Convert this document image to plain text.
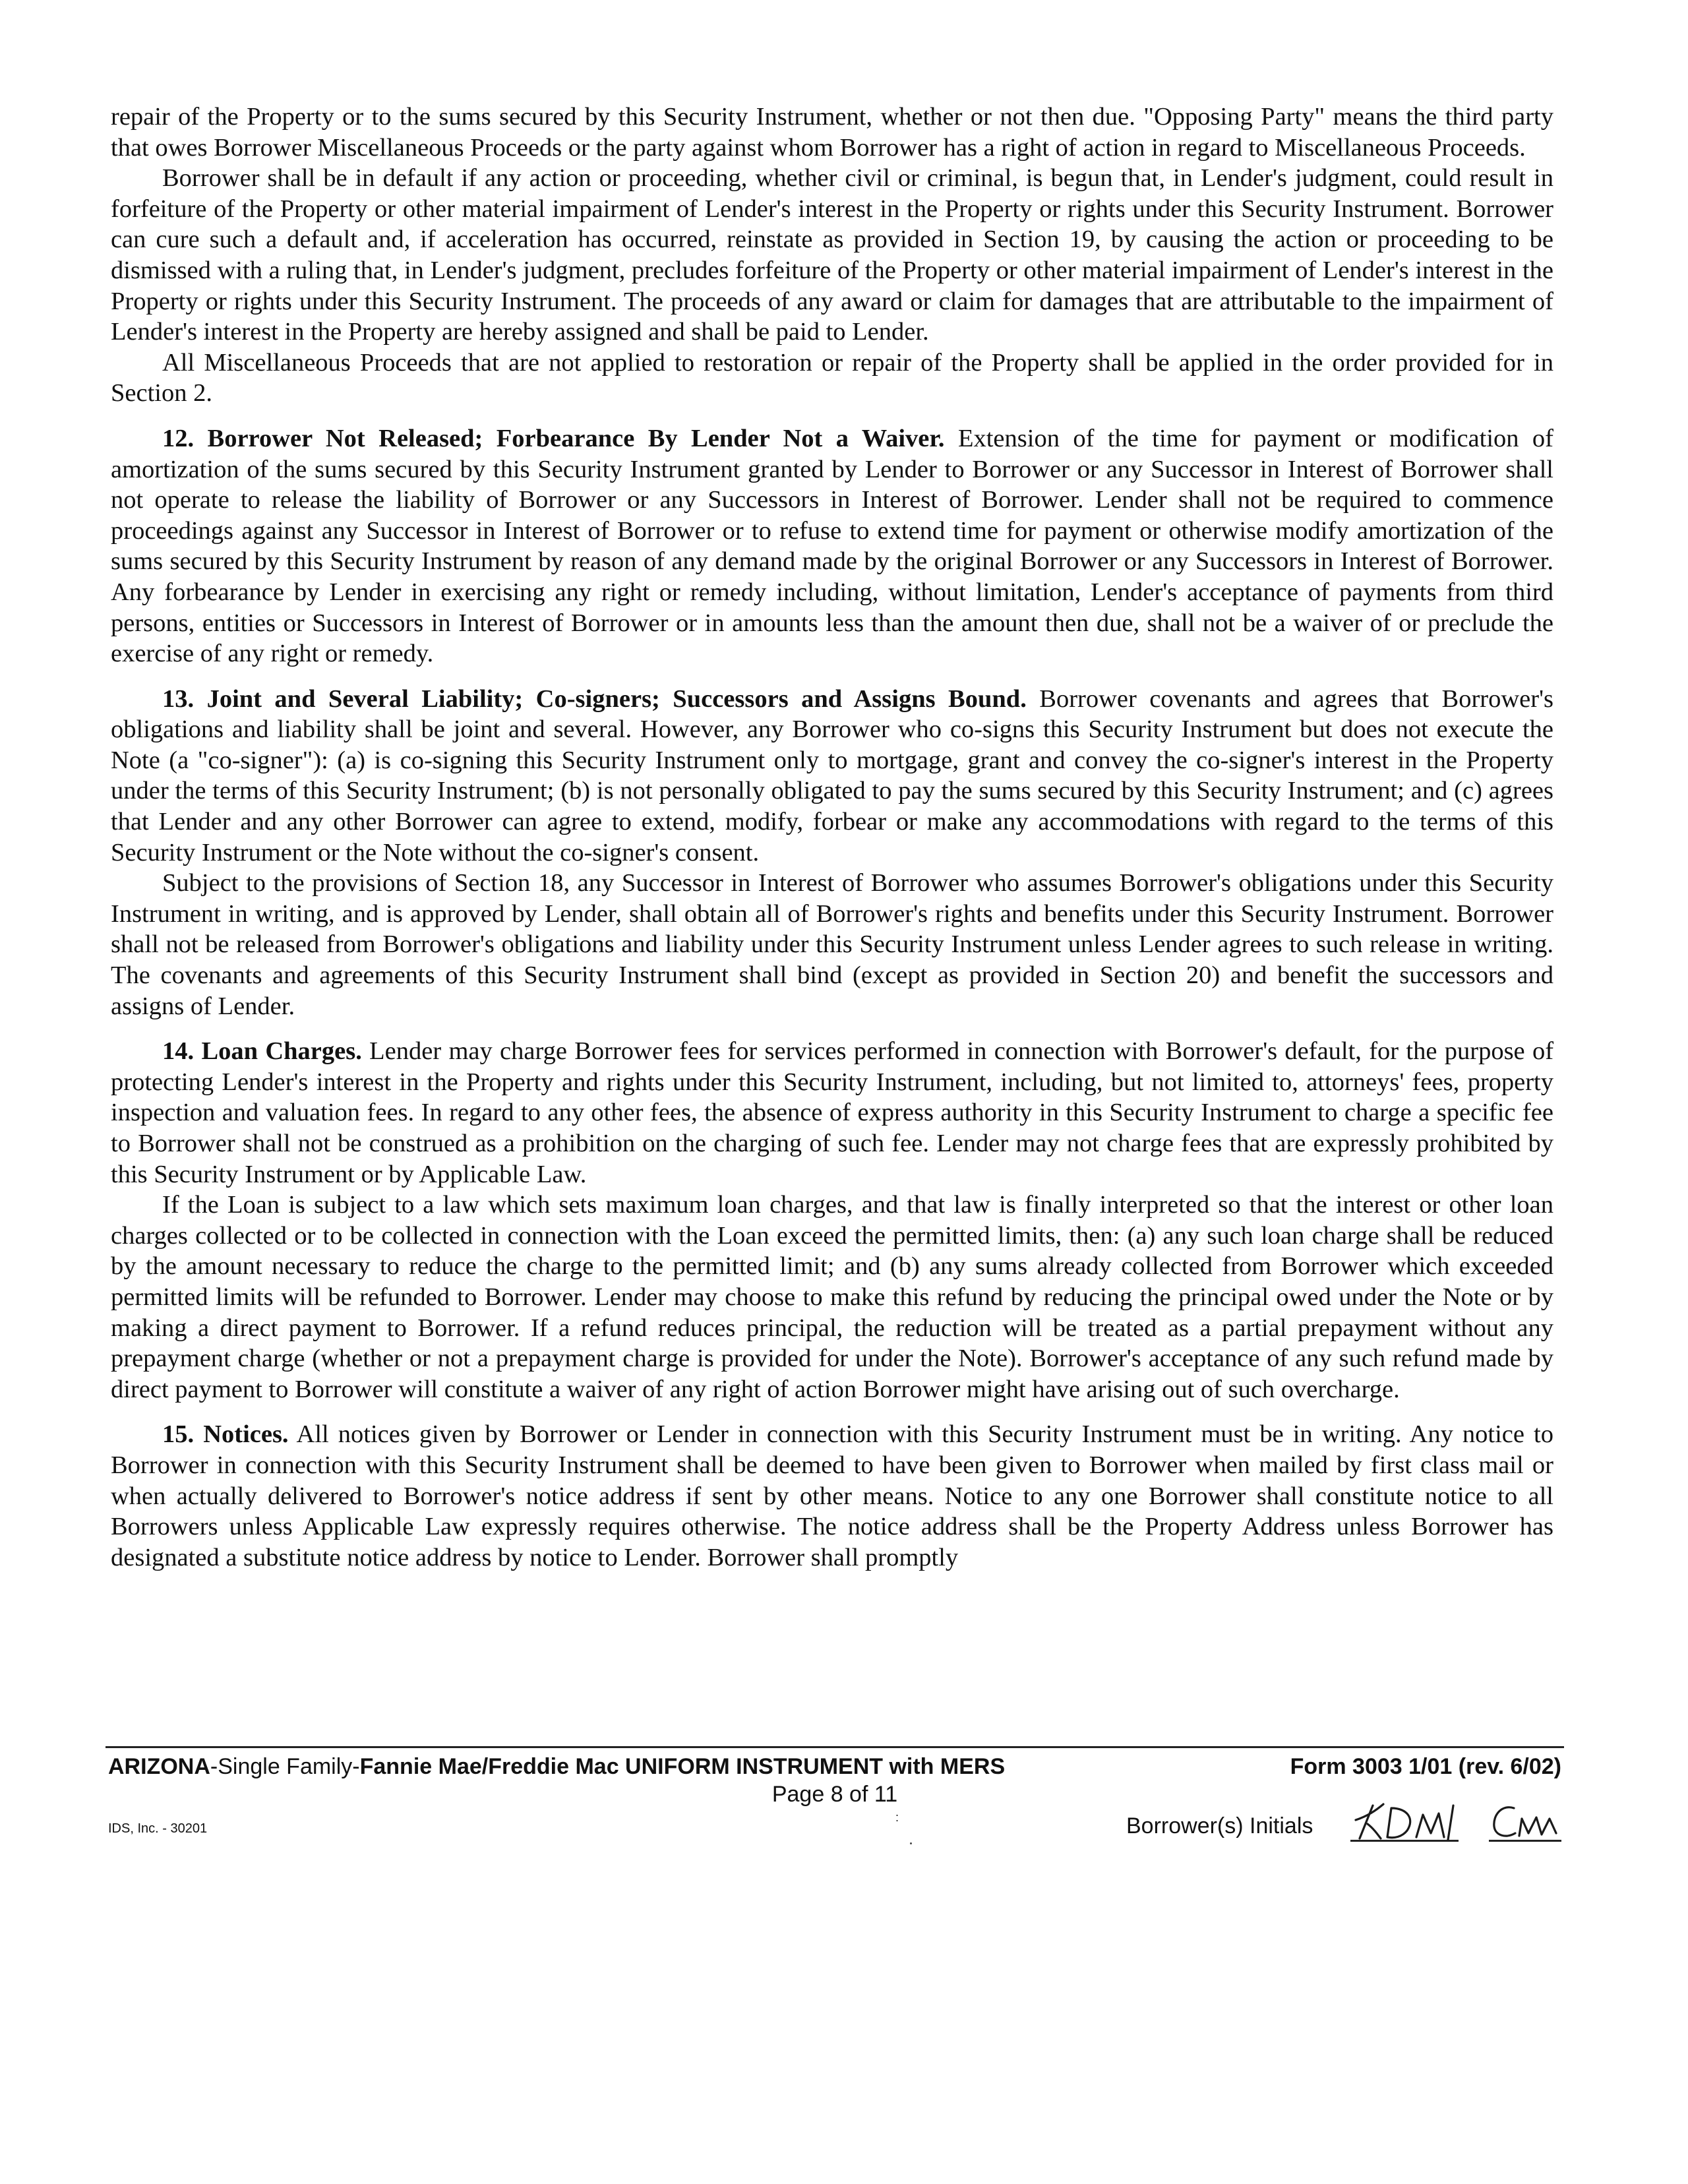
repair of the Property or to the sums secured by this Security Instrument, whether or not then due. "Opposing Party" means the third party that owes Borrower Miscellaneous Proceeds or the party against whom Borrower has a right of action in regard to Miscellaneous Proceeds.

Borrower shall be in default if any action or proceeding, whether civil or criminal, is begun that, in Lender's judgment, could result in forfeiture of the Property or other material impairment of Lender's interest in the Property or rights under this Security Instrument. Borrower can cure such a default and, if acceleration has occurred, reinstate as provided in Section 19, by causing the action or proceeding to be dismissed with a ruling that, in Lender's judgment, precludes forfeiture of the Property or other material impairment of Lender's interest in the Property or rights under this Security Instrument. The proceeds of any award or claim for damages that are attributable to the impairment of Lender's interest in the Property are hereby assigned and shall be paid to Lender.

All Miscellaneous Proceeds that are not applied to restoration or repair of the Property shall be applied in the order provided for in Section 2.

12. Borrower Not Released; Forbearance By Lender Not a Waiver. Extension of the time for payment or modification of amortization of the sums secured by this Security Instrument granted by Lender to Borrower or any Successor in Interest of Borrower shall not operate to release the liability of Borrower or any Successors in Interest of Borrower. Lender shall not be required to commence proceedings against any Successor in Interest of Borrower or to refuse to extend time for payment or otherwise modify amortization of the sums secured by this Security Instrument by reason of any demand made by the original Borrower or any Successors in Interest of Borrower. Any forbearance by Lender in exercising any right or remedy including, without limitation, Lender's acceptance of payments from third persons, entities or Successors in Interest of Borrower or in amounts less than the amount then due, shall not be a waiver of or preclude the exercise of any right or remedy.

13. Joint and Several Liability; Co-signers; Successors and Assigns Bound. Borrower covenants and agrees that Borrower's obligations and liability shall be joint and several. However, any Borrower who co-signs this Security Instrument but does not execute the Note (a "co-signer"): (a) is co-signing this Security Instrument only to mortgage, grant and convey the co-signer's interest in the Property under the terms of this Security Instrument; (b) is not personally obligated to pay the sums secured by this Security Instrument; and (c) agrees that Lender and any other Borrower can agree to extend, modify, forbear or make any accommodations with regard to the terms of this Security Instrument or the Note without the co-signer's consent.

Subject to the provisions of Section 18, any Successor in Interest of Borrower who assumes Borrower's obligations under this Security Instrument in writing, and is approved by Lender, shall obtain all of Borrower's rights and benefits under this Security Instrument. Borrower shall not be released from Borrower's obligations and liability under this Security Instrument unless Lender agrees to such release in writing. The covenants and agreements of this Security Instrument shall bind (except as provided in Section 20) and benefit the successors and assigns of Lender.

14. Loan Charges. Lender may charge Borrower fees for services performed in connection with Borrower's default, for the purpose of protecting Lender's interest in the Property and rights under this Security Instrument, including, but not limited to, attorneys' fees, property inspection and valuation fees. In regard to any other fees, the absence of express authority in this Security Instrument to charge a specific fee to Borrower shall not be construed as a prohibition on the charging of such fee. Lender may not charge fees that are expressly prohibited by this Security Instrument or by Applicable Law.

If the Loan is subject to a law which sets maximum loan charges, and that law is finally interpreted so that the interest or other loan charges collected or to be collected in connection with the Loan exceed the permitted limits, then: (a) any such loan charge shall be reduced by the amount necessary to reduce the charge to the permitted limit; and (b) any sums already collected from Borrower which exceeded permitted limits will be refunded to Borrower. Lender may choose to make this refund by reducing the principal owed under the Note or by making a direct payment to Borrower. If a refund reduces principal, the reduction will be treated as a partial prepayment without any prepayment charge (whether or not a prepayment charge is provided for under the Note). Borrower's acceptance of any such refund made by direct payment to Borrower will constitute a waiver of any right of action Borrower might have arising out of such overcharge.

15. Notices. All notices given by Borrower or Lender in connection with this Security Instrument must be in writing. Any notice to Borrower in connection with this Security Instrument shall be deemed to have been given to Borrower when mailed by first class mail or when actually delivered to Borrower's notice address if sent by other means. Notice to any one Borrower shall constitute notice to all Borrowers unless Applicable Law expressly requires otherwise. The notice address shall be the Property Address unless Borrower has designated a substitute notice address by notice to Lender. Borrower shall promptly

ARIZONA-Single Family-Fannie Mae/Freddie Mac UNIFORM INSTRUMENT with MERS	Form 3003 1/01 (rev. 6/02)
Page 8 of 11
:
IDS, Inc. - 30201	Borrower(s) Initials
